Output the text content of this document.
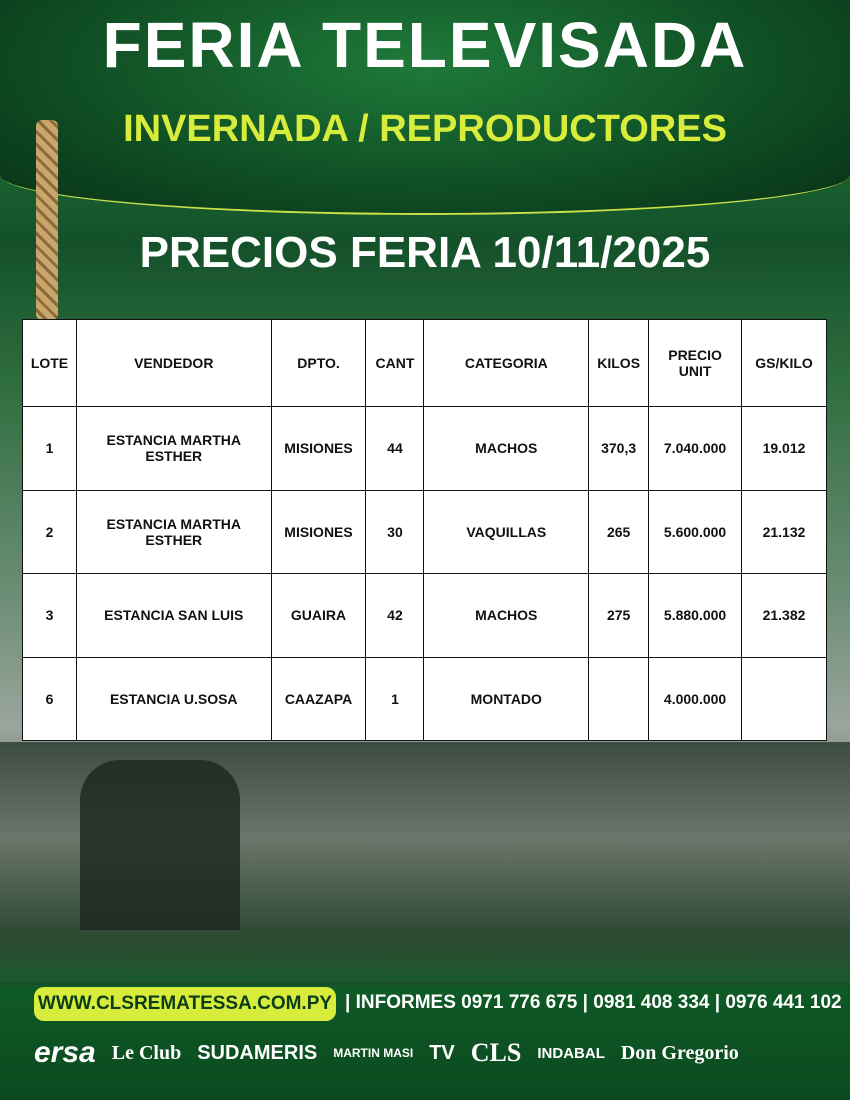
FERIA TELEVISADA
INVERNADA / REPRODUCTORES
PRECIOS FERIA 10/11/2025
LOTE	VENDEDOR	DPTO.	CANT	CATEGORIA	KILOS	PRECIO UNIT	GS/KILO
1	ESTANCIA MARTHA ESTHER	MISIONES	44	MACHOS	370,3	7.040.000	19.012
2	ESTANCIA MARTHA ESTHER	MISIONES	30	VAQUILLAS	265	5.600.000	21.132
3	ESTANCIA SAN LUIS	GUAIRA	42	MACHOS	275	5.880.000	21.382
6	ESTANCIA U.SOSA	CAAZAPA	1	MONTADO		4.000.000	
WWW.CLSREMATESSA.COM.PY | INFORMES 0971 776 675 | 0981 408 334 | 0976 441 102
ersa Le Club SUDAMERIS MARTIN MASI TV CLS INDABAL Don Gregorio
